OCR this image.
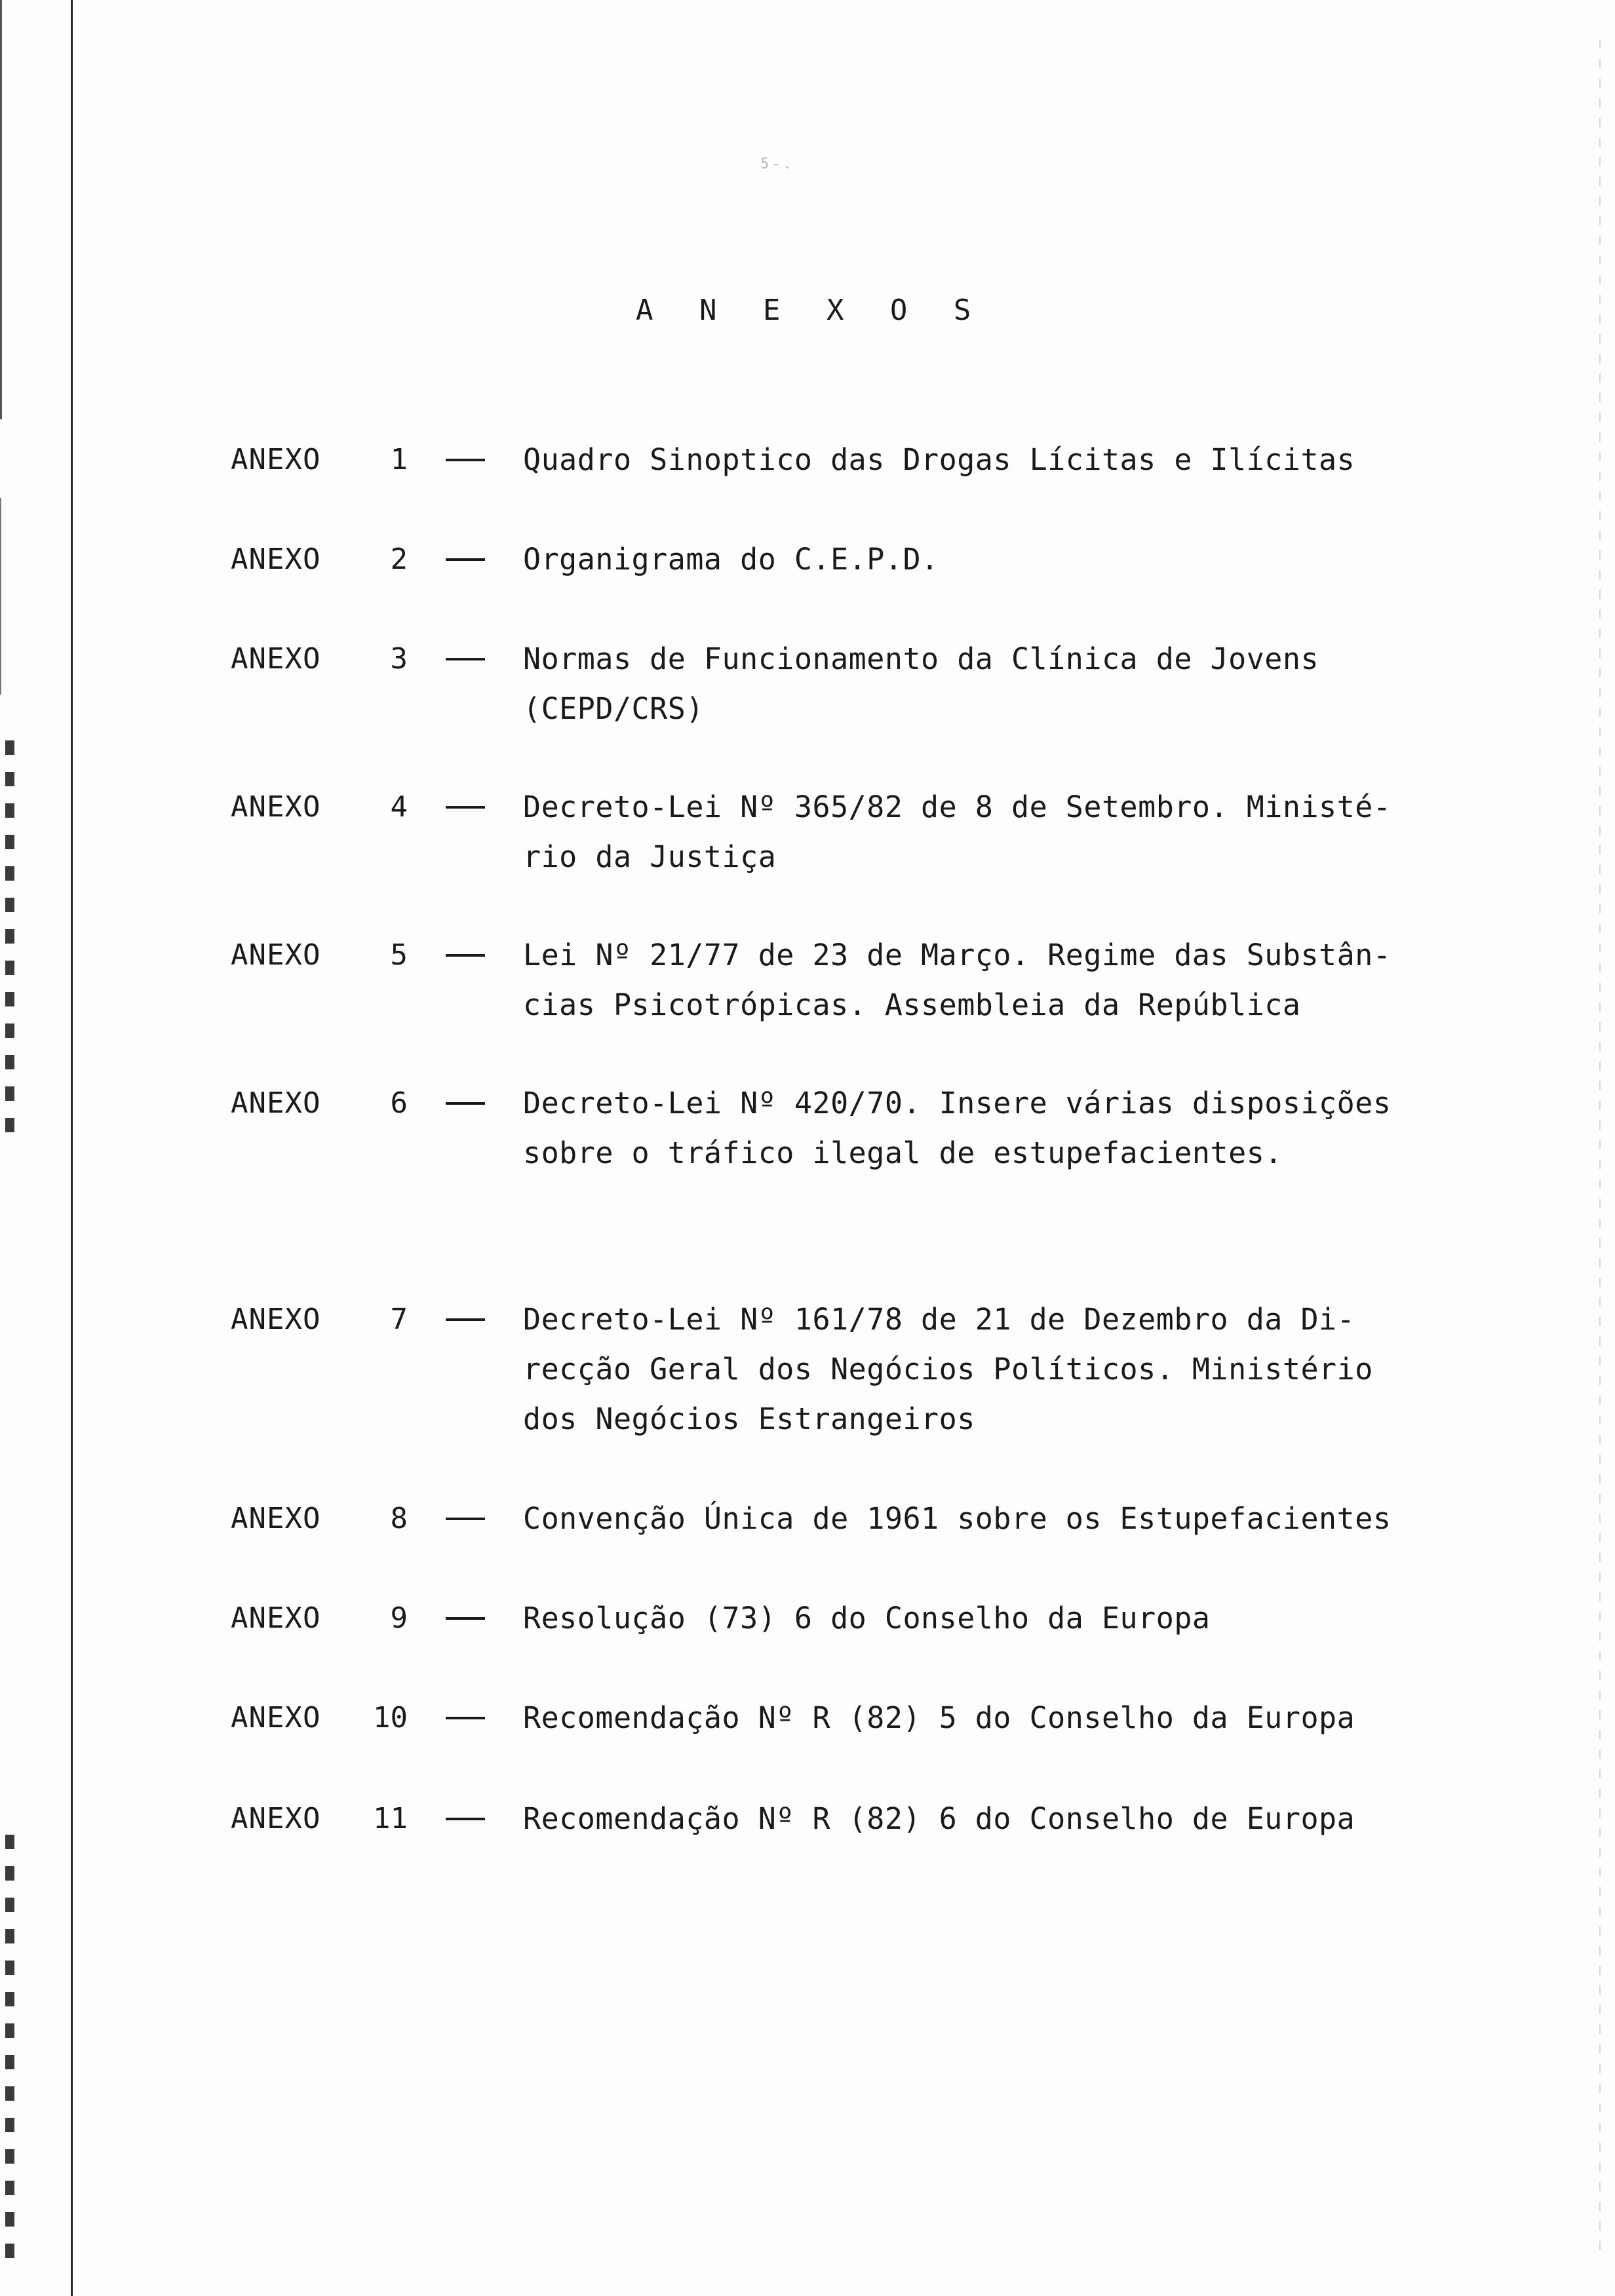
5-.
A N E X O S
ANEXO	1	Quadro Sinoptico das Drogas Lícitas e Ilícitas
ANEXO	2	Organigrama do C.E.P.D.
ANEXO	3	Normas de Funcionamento da Clínica de Jovens
(CEPD/CRS)
ANEXO	4	Decreto-Lei Nº 365/82 de 8 de Setembro. Ministé-
rio da Justiça
ANEXO	5	Lei Nº 21/77 de 23 de Março. Regime das Substân-
cias Psicotrópicas. Assembleia da República
ANEXO	6	Decreto-Lei Nº 420/70. Insere várias disposições
sobre o tráfico ilegal de estupefacientes.
ANEXO	7	Decreto-Lei Nº 161/78 de 21 de Dezembro da Di-
recção Geral dos Negócios Políticos. Ministério
dos Negócios Estrangeiros
ANEXO	8	Convenção Única de 1961 sobre os Estupefacientes
ANEXO	9	Resolução (73) 6 do Conselho da Europa
ANEXO	10	Recomendação Nº R (82) 5 do Conselho da Europa
ANEXO	11	Recomendação Nº R (82) 6 do Conselho de Europa
